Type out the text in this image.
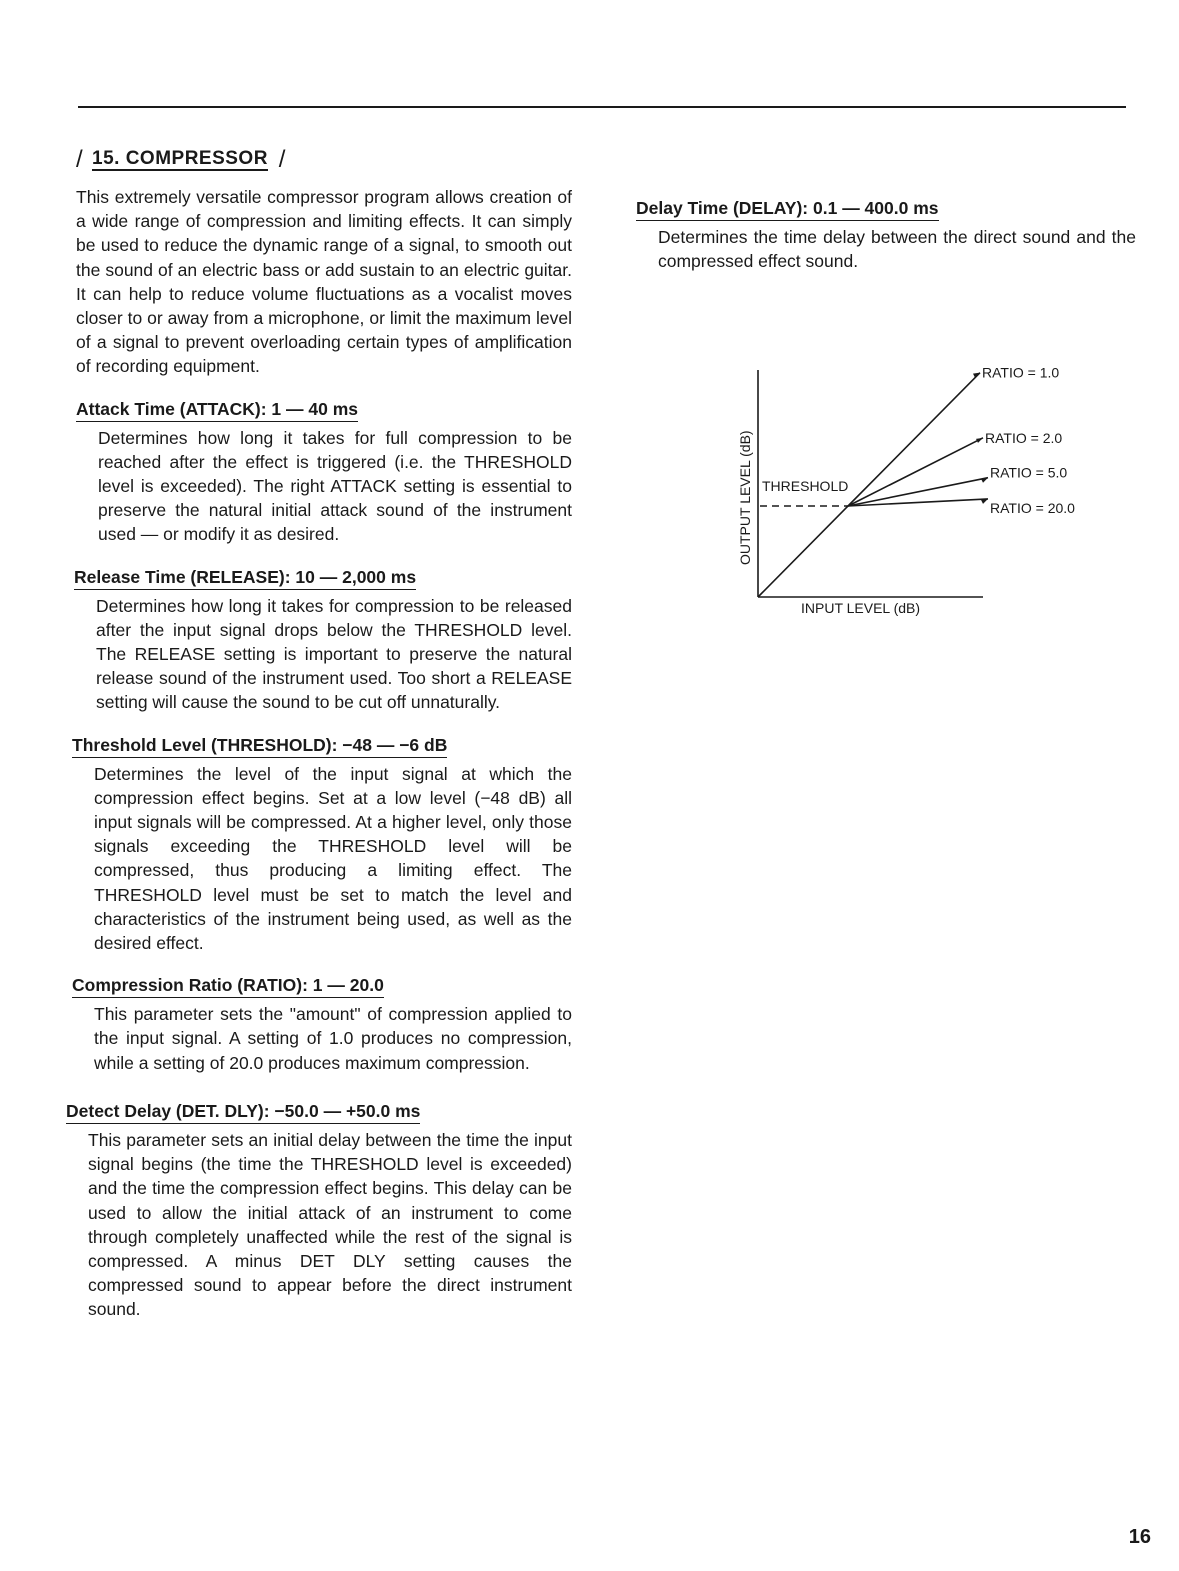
/ 15. COMPRESSOR /
This extremely versatile compressor program allows creation of a wide range of compression and limiting effects. It can simply be used to reduce the dynamic range of a signal, to smooth out the sound of an electric bass or add sustain to an electric guitar. It can help to reduce volume fluctuations as a vocalist moves closer to or away from a microphone, or limit the maximum level of a signal to prevent overloading certain types of amplification of recording equipment.
Attack Time (ATTACK): 1 — 40 ms
Determines how long it takes for full compression to be reached after the effect is triggered (i.e. the THRESHOLD level is exceeded). The right ATTACK setting is essential to preserve the natural initial attack sound of the instrument used — or modify it as desired.
Release Time (RELEASE): 10 — 2,000 ms
Determines how long it takes for compression to be released after the input signal drops below the THRESHOLD level. The RELEASE setting is important to preserve the natural release sound of the instrument used. Too short a RELEASE setting will cause the sound to be cut off unnaturally.
Threshold Level (THRESHOLD): −48 — −6 dB
Determines the level of the input signal at which the compression effect begins. Set at a low level (−48 dB) all input signals will be compressed. At a higher level, only those signals exceeding the THRESHOLD level will be compressed, thus producing a limiting effect. The THRESHOLD level must be set to match the level and characteristics of the instrument being used, as well as the desired effect.
Compression Ratio (RATIO): 1 — 20.0
This parameter sets the "amount" of compression applied to the input signal. A setting of 1.0 produces no compression, while a setting of 20.0 produces maximum compression.
Detect Delay (DET. DLY): −50.0 — +50.0 ms
This parameter sets an initial delay between the time the input signal begins (the time the THRESHOLD level is exceeded) and the time the compression effect begins. This delay can be used to allow the initial attack of an instrument to come through completely unaffected while the rest of the signal is compressed. A minus DET DLY setting causes the compressed sound to appear before the direct instrument sound.
Delay Time (DELAY): 0.1 — 400.0 ms
Determines the time delay between the direct sound and the compressed effect sound.
OUTPUT LEVEL (dB)
INPUT LEVEL (dB)
THRESHOLD
RATIO = 1.0
RATIO = 2.0
RATIO = 5.0
RATIO = 20.0
16
